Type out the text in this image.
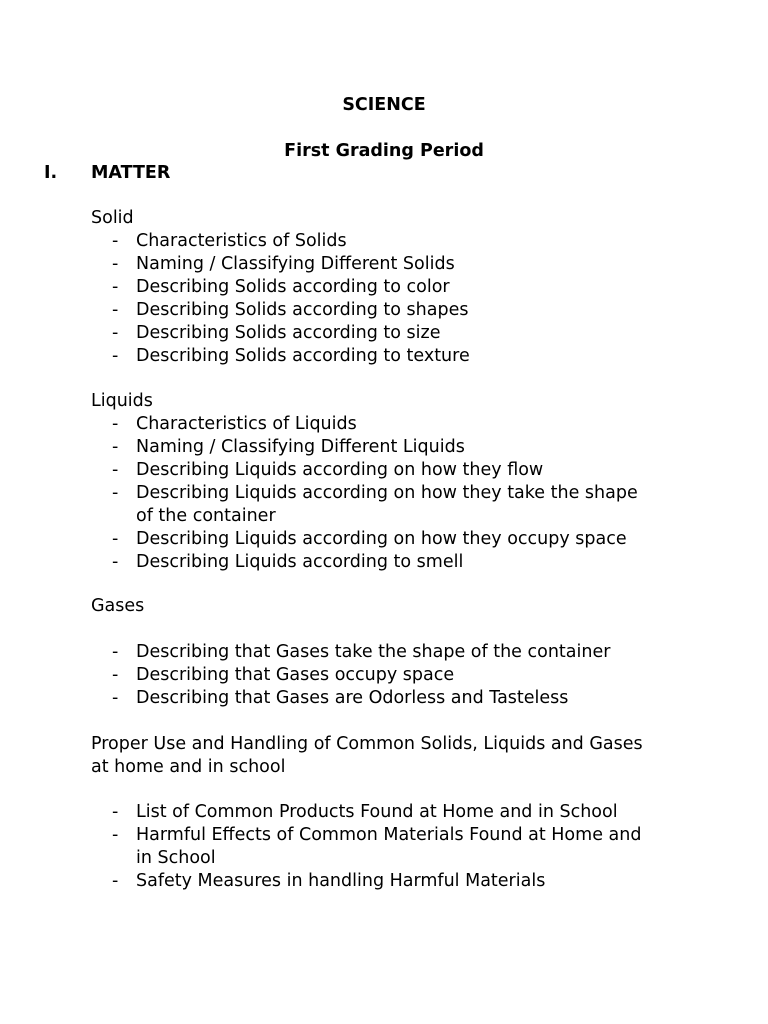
SCIENCE
First Grading Period
I. MATTER
Solid
-	Characteristics of Solids
-	Naming / Classifying Different Solids
-	Describing Solids according to color
-	Describing Solids according to shapes
-	Describing Solids according to size
-	Describing Solids according to texture
Liquids
-	Characteristics of Liquids
-	Naming / Classifying Different Liquids
-	Describing Liquids according on how they flow
-	Describing Liquids according on how they take the shape
of the container
-	Describing Liquids according on how they occupy space
-	Describing Liquids according to smell
Gases
-	Describing that Gases take the shape of the container
-	Describing that Gases occupy space
-	Describing that Gases are Odorless and Tasteless
Proper Use and Handling of Common Solids, Liquids and Gases
at home and in school
-	List of Common Products Found at Home and in School
-	Harmful Effects of Common Materials Found at Home and
in School
-	Safety Measures in handling Harmful Materials
